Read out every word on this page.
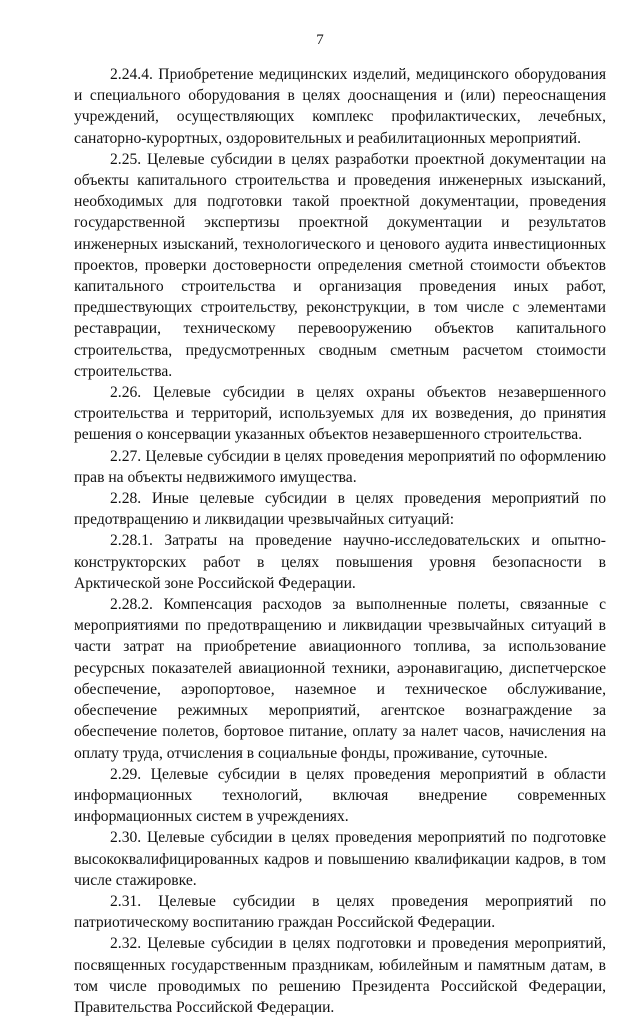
7

2.24.4. Приобретение медицинских изделий, медицинского оборудования и специального оборудования в целях дооснащения и (или) переоснащения учреждений, осуществляющих комплекс профилактических, лечебных, санаторно-курортных, оздоровительных и реабилитационных мероприятий.

2.25. Целевые субсидии в целях разработки проектной документации на объекты капитального строительства и проведения инженерных изысканий, необходимых для подготовки такой проектной документации, проведения государственной экспертизы проектной документации и результатов инженерных изысканий, технологического и ценового аудита инвестиционных проектов, проверки достоверности определения сметной стоимости объектов капитального строительства и организация проведения иных работ, предшествующих строительству, реконструкции, в том числе с элементами реставрации, техническому перевооружению объектов капитального строительства, предусмотренных сводным сметным расчетом стоимости строительства.

2.26. Целевые субсидии в целях охраны объектов незавершенного строительства и территорий, используемых для их возведения, до принятия решения о консервации указанных объектов незавершенного строительства.

2.27. Целевые субсидии в целях проведения мероприятий по оформлению прав на объекты недвижимого имущества.

2.28. Иные целевые субсидии в целях проведения мероприятий по предотвращению и ликвидации чрезвычайных ситуаций:

2.28.1. Затраты на проведение научно-исследовательских и опытно-конструкторских работ в целях повышения уровня безопасности в Арктической зоне Российской Федерации.

2.28.2. Компенсация расходов за выполненные полеты, связанные с мероприятиями по предотвращению и ликвидации чрезвычайных ситуаций в части затрат на приобретение авиационного топлива, за использование ресурсных показателей авиационной техники, аэронавигацию, диспетчерское обеспечение, аэропортовое, наземное и техническое обслуживание, обеспечение режимных мероприятий, агентское вознаграждение за обеспечение полетов, бортовое питание, оплату за налет часов, начисления на оплату труда, отчисления в социальные фонды, проживание, суточные.

2.29. Целевые субсидии в целях проведения мероприятий в области информационных технологий, включая внедрение современных информационных систем в учреждениях.

2.30. Целевые субсидии в целях проведения мероприятий по подготовке высококвалифицированных кадров и повышению квалификации кадров, в том числе стажировке.

2.31. Целевые субсидии в целях проведения мероприятий по патриотическому воспитанию граждан Российской Федерации.

2.32. Целевые субсидии в целях подготовки и проведения мероприятий, посвященных государственным праздникам, юбилейным и памятным датам, в том числе проводимых по решению Президента Российской Федерации, Правительства Российской Федерации.
